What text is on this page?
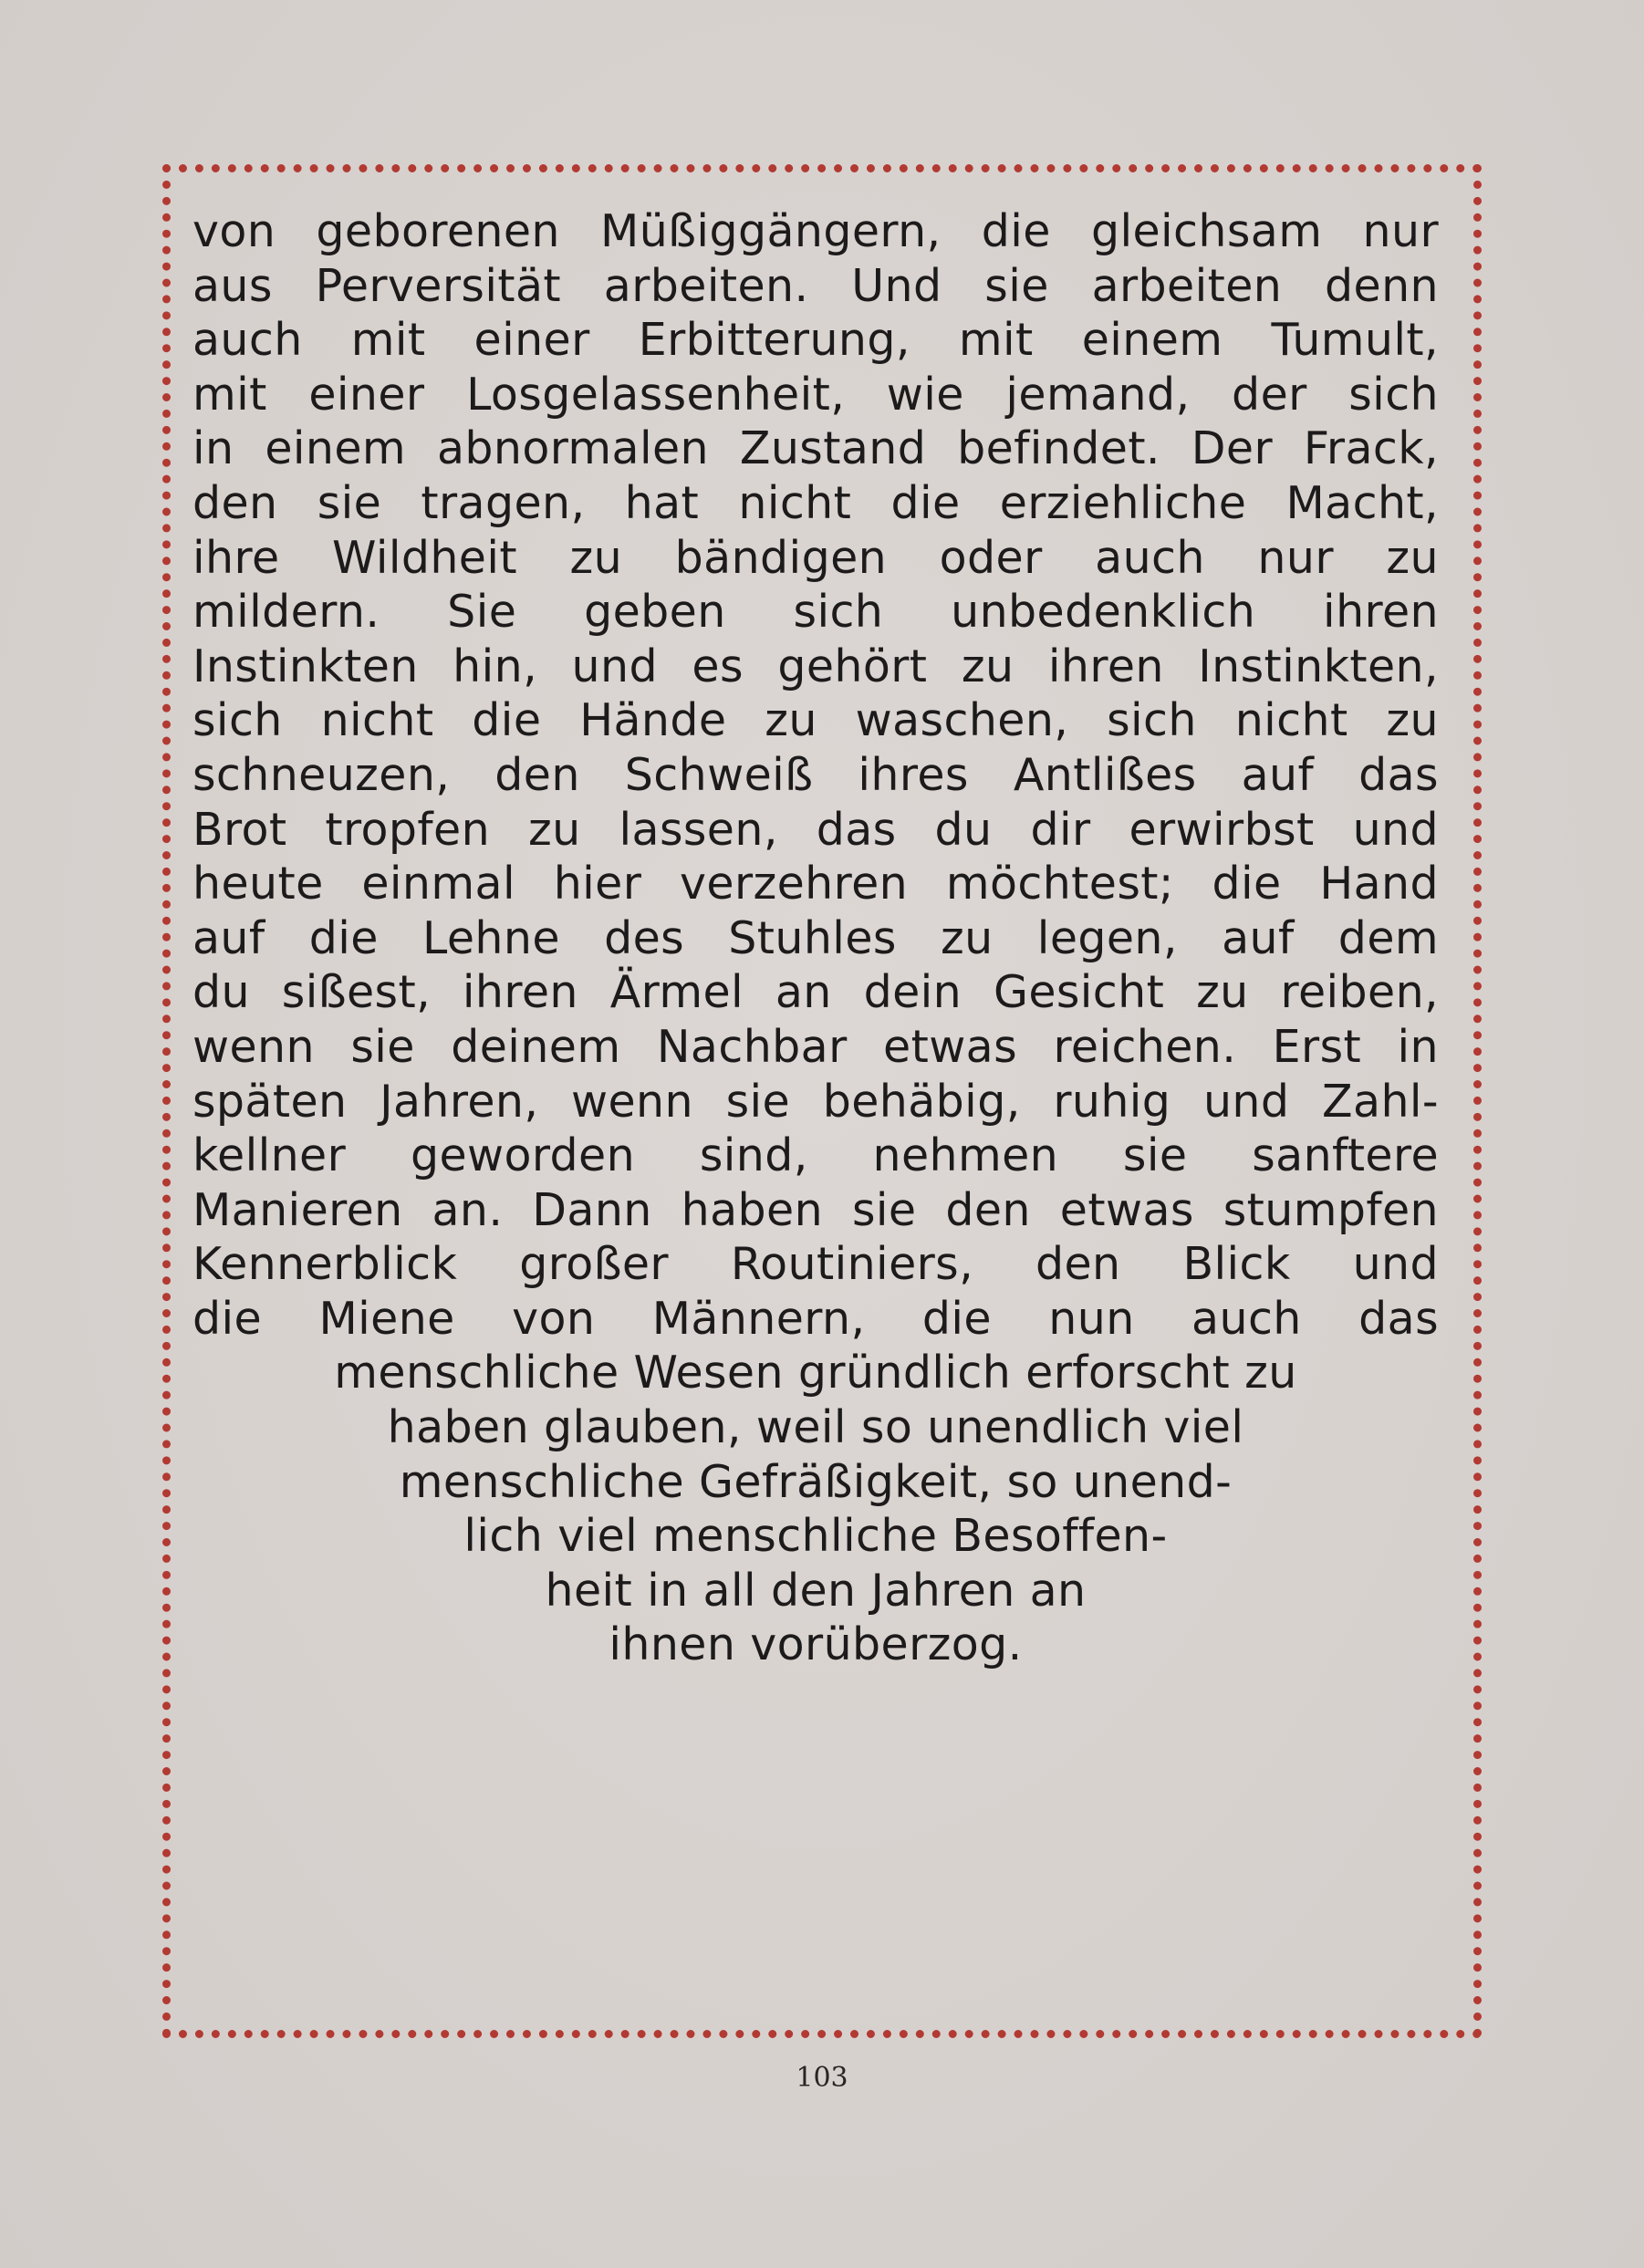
von geborenen Müßiggängern, die gleichsam nur
aus Perversität arbeiten. Und sie arbeiten denn
auch mit einer Erbitterung, mit einem Tumult,
mit einer Losgelassenheit, wie jemand, der sich
in einem abnormalen Zustand befindet. Der Frack,
den sie tragen, hat nicht die erziehliche Macht,
ihre Wildheit zu bändigen oder auch nur zu
mildern. Sie geben sich unbedenklich ihren
Instinkten hin, und es gehört zu ihren Instinkten,
sich nicht die Hände zu waschen, sich nicht zu
schneuzen, den Schweiß ihres Antlißes auf das
Brot tropfen zu lassen, das du dir erwirbst und
heute einmal hier verzehren möchtest; die Hand
auf die Lehne des Stuhles zu legen, auf dem
du sißest, ihren Ärmel an dein Gesicht zu reiben,
wenn sie deinem Nachbar etwas reichen. Erst in
späten Jahren, wenn sie behäbig, ruhig und Zahl-
kellner geworden sind, nehmen sie sanftere
Manieren an. Dann haben sie den etwas stumpfen
Kennerblick großer Routiniers, den Blick und
die Miene von Männern, die nun auch das
menschliche Wesen gründlich erforscht zu
haben glauben, weil so unendlich viel
menschliche Gefräßigkeit, so unend-
lich viel menschliche Besoffen-
heit in all den Jahren an
ihnen vorüberzog.
103
